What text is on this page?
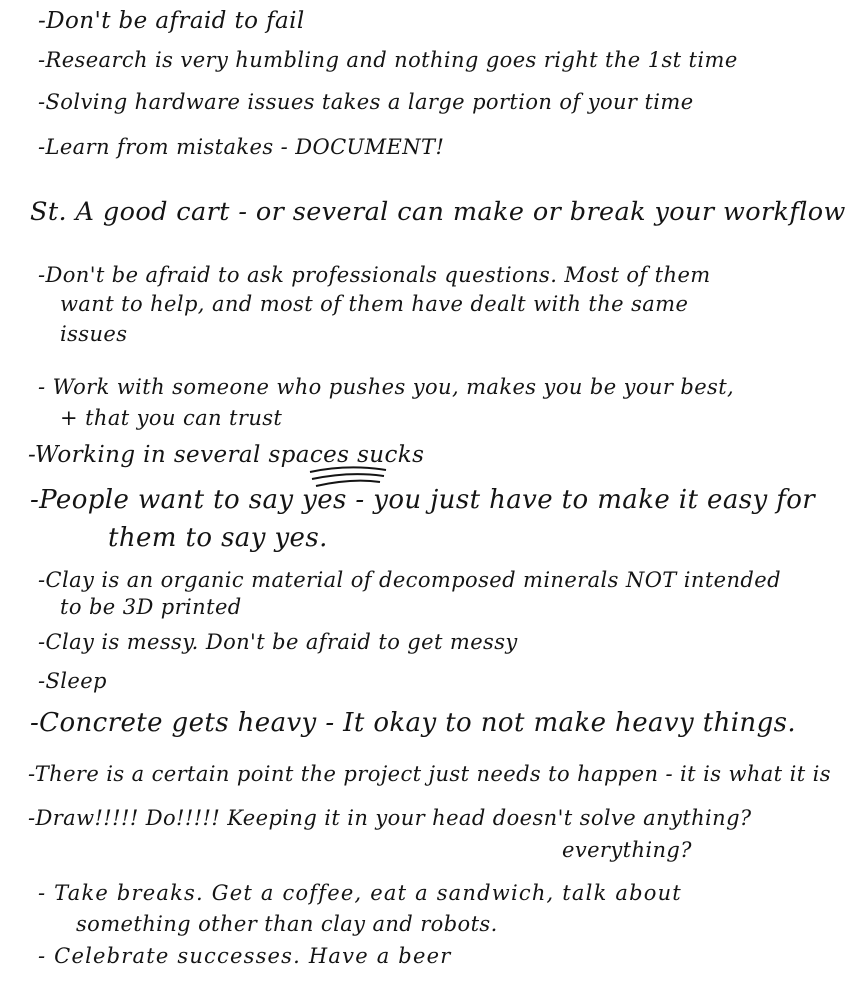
-Don't be afraid to fail
-Research is very humbling and nothing goes right the 1st time
-Solving hardware issues takes a large portion of your time
-Learn from mistakes - DOCUMENT!
St. A good cart - or several can make or break your workflow
-Don't be afraid to ask professionals questions. Most of them
want to help, and most of them have dealt with the same
issues
- Work with someone who pushes you, makes you be your best,
+ that you can trust
-Working in several spaces sucks
-People want to say yes - you just have to make it easy for
them to say yes.
-Clay is an organic material of decomposed minerals NOT intended
to be 3D printed
-Clay is messy. Don't be afraid to get messy
-Sleep
-Concrete gets heavy - It okay to not make heavy things.
-There is a certain point the project just needs to happen - it is what it is
-Draw!!!!! Do!!!!! Keeping it in your head doesn't solve anything?
everything?
- Take breaks. Get a coffee, eat a sandwich, talk about
something other than clay and robots.
- Celebrate successes. Have a beer
